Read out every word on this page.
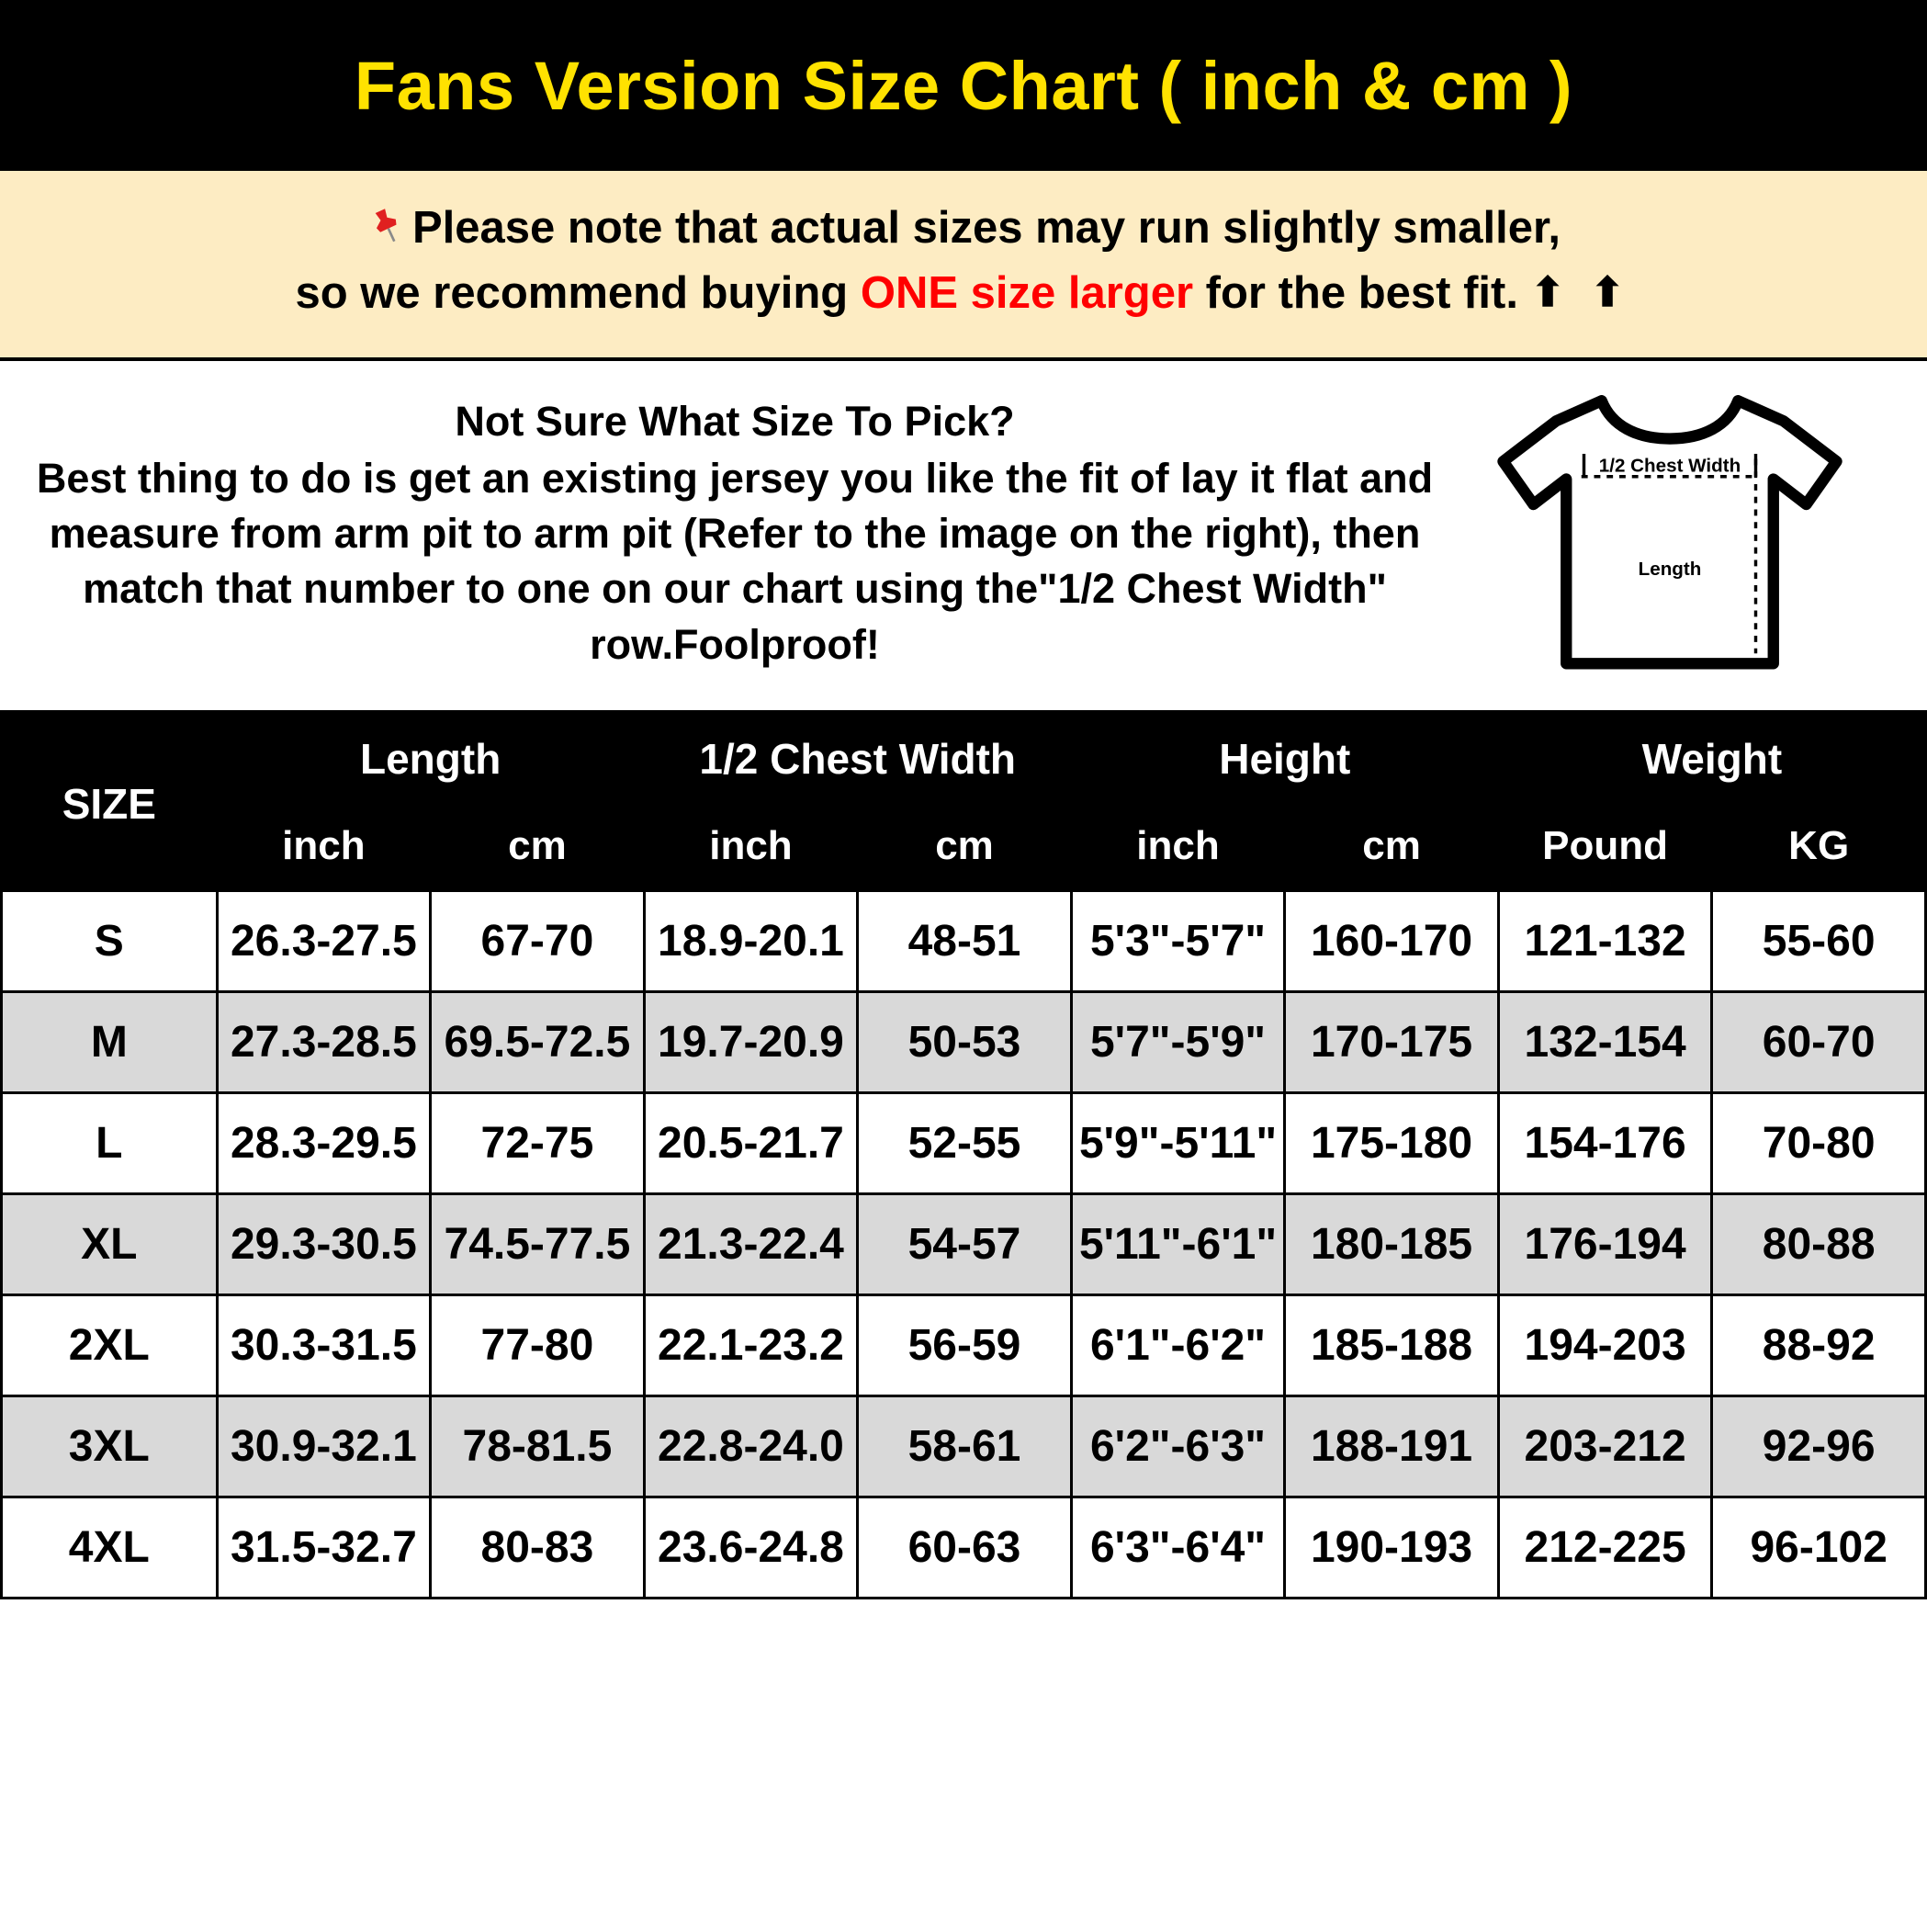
Fans Version Size Chart ( inch & cm )
Please note that actual sizes may run slightly smaller,
so we recommend buying ONE size larger for the best fit. ⬆ ⬆
Not Sure What Size To Pick?
Best thing to do is get an existing jersey you like the fit of lay it flat and measure from arm pit to arm pit (Refer to the image on the right), then match that number to one on our chart using the"1/2 Chest Width" row.Foolproof!
1/2 Chest Width
Length
SIZE	Length		1/2 Chest Width		Height		Weight	
	inch	cm	inch	cm	inch	cm	Pound	KG
S	26.3-27.5	67-70	18.9-20.1	48-51	5'3"-5'7"	160-170	121-132	55-60
M	27.3-28.5	69.5-72.5	19.7-20.9	50-53	5'7"-5'9"	170-175	132-154	60-70
L	28.3-29.5	72-75	20.5-21.7	52-55	5'9"-5'11"	175-180	154-176	70-80
XL	29.3-30.5	74.5-77.5	21.3-22.4	54-57	5'11"-6'1"	180-185	176-194	80-88
2XL	30.3-31.5	77-80	22.1-23.2	56-59	6'1"-6'2"	185-188	194-203	88-92
3XL	30.9-32.1	78-81.5	22.8-24.0	58-61	6'2"-6'3"	188-191	203-212	92-96
4XL	31.5-32.7	80-83	23.6-24.8	60-63	6'3"-6'4"	190-193	212-225	96-102
